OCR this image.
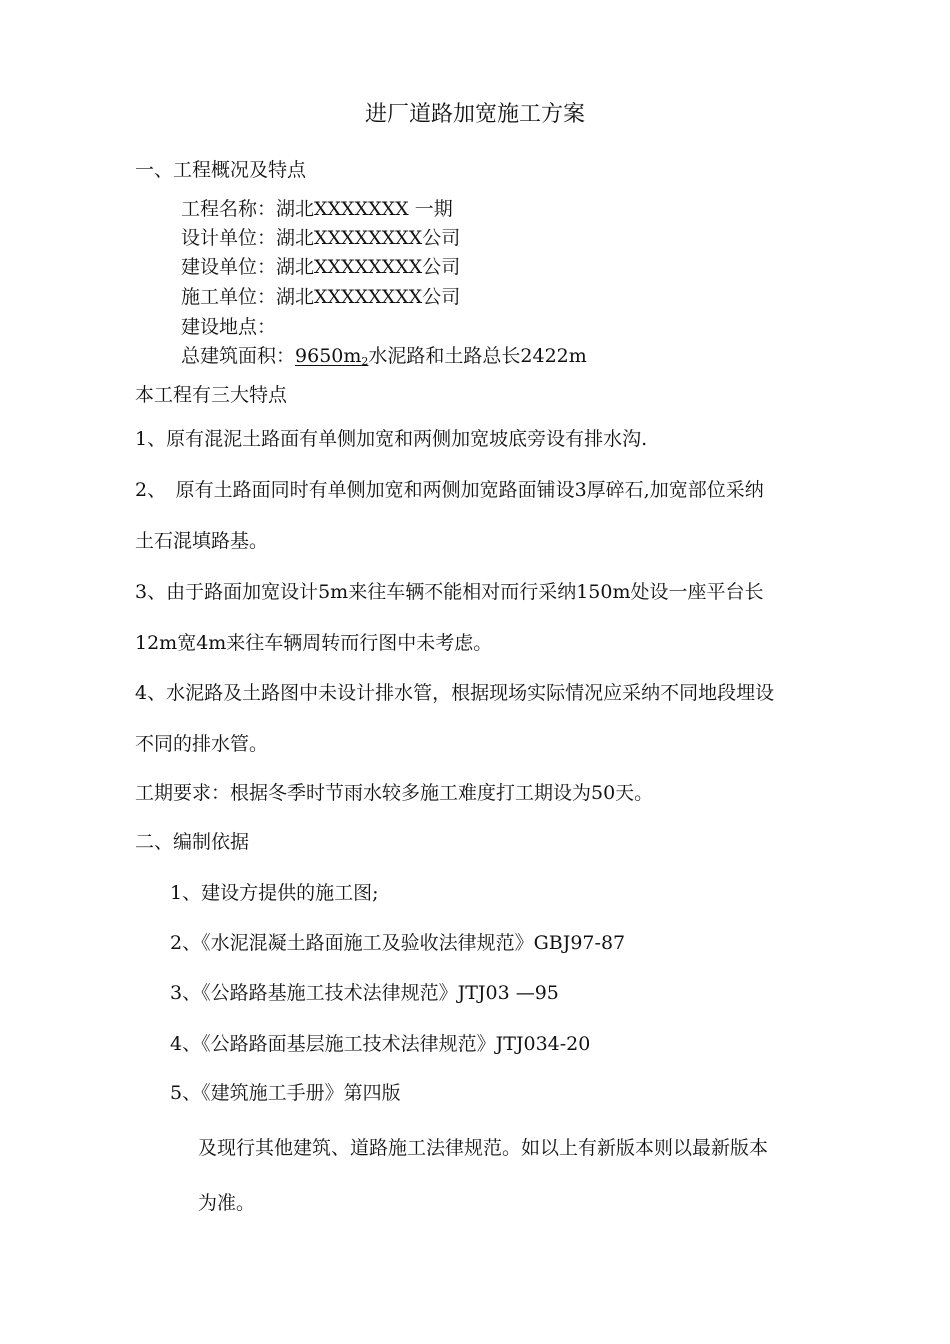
进厂道路加宽施工方案
一、工程概况及特点
工程名称：湖北XXXXXXX 一期
设计单位：湖北XXXXXXXX公司
建设单位：湖北XXXXXXXX公司
施工单位：湖北XXXXXXXX公司
建设地点：
总建筑面积：$9650m_2$水泥路和土路总长2422m
本工程有三大特点
1、原有混泥土路面有单侧加宽和两侧加宽坡底旁设有排水沟.
2、　原有土路面同时有单侧加宽和两侧加宽路面铺设3厚碎石,加宽部位采纳
土石混填路基。
3、由于路面加宽设计5m来往车辆不能相对而行采纳150m处设一座平台长
12m宽4m来往车辆周转而行图中未考虑。
4、水泥路及土路图中未设计排水管，根据现场实际情况应采纳不同地段埋设
不同的排水管。
工期要求：根据冬季时节雨水较多施工难度打工期设为50天。
二、编制依据
1、建设方提供的施工图;
2、《水泥混凝土路面施工及验收法律规范》GBJ97-87
3、《公路路基施工技术法律规范》JTJ03 —95
4、《公路路面基层施工技术法律规范》JTJ034-20
5、《建筑施工手册》第四版
及现行其他建筑、道路施工法律规范。如以上有新版本则以最新版本
为准。
